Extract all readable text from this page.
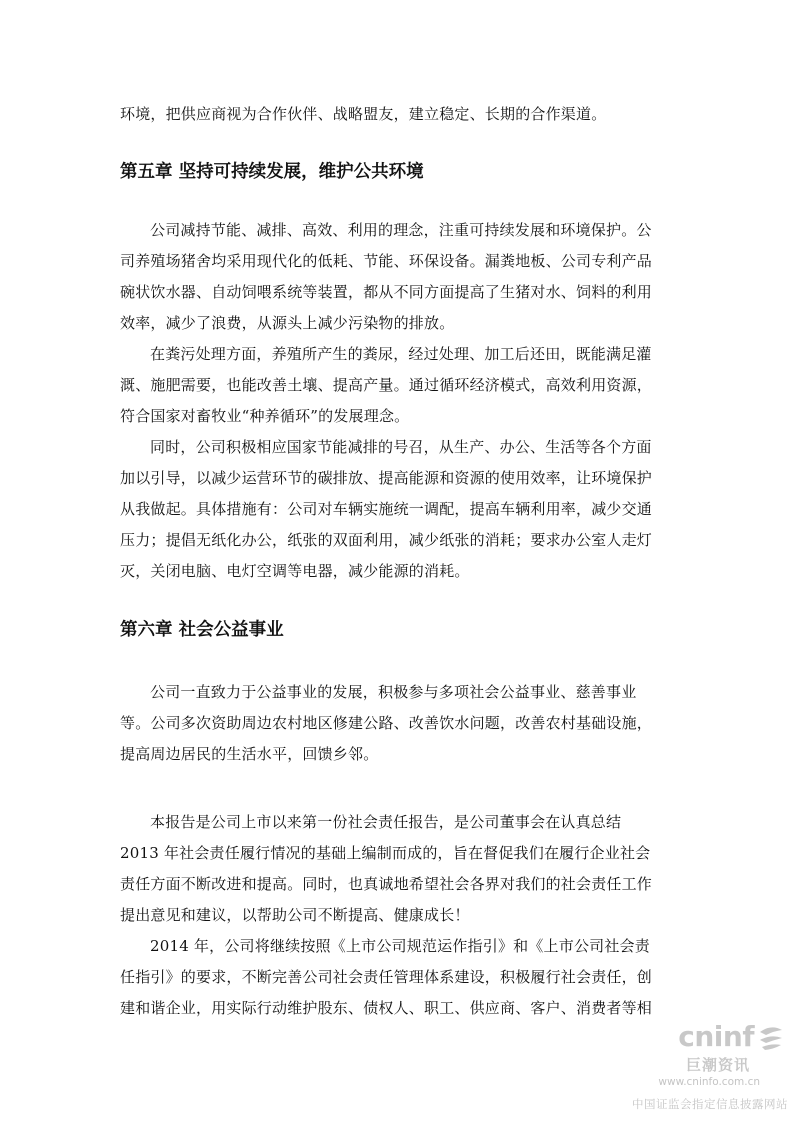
环境，把供应商视为合作伙伴、战略盟友，建立稳定、长期的合作渠道。
第五章 坚持可持续发展，维护公共环境
公司减持节能、减排、高效、利用的理念，注重可持续发展和环境保护。公
司养殖场猪舍均采用现代化的低耗、节能、环保设备。漏粪地板、公司专利产品
碗状饮水器、自动饲喂系统等装置，都从不同方面提高了生猪对水、饲料的利用
效率，减少了浪费，从源头上减少污染物的排放。
在粪污处理方面，养殖所产生的粪尿，经过处理、加工后还田，既能满足灌
溉、施肥需要，也能改善土壤、提高产量。通过循环经济模式，高效利用资源，
符合国家对畜牧业“种养循环”的发展理念。
同时，公司积极相应国家节能减排的号召，从生产、办公、生活等各个方面
加以引导，以减少运营环节的碳排放、提高能源和资源的使用效率，让环境保护
从我做起。具体措施有：公司对车辆实施统一调配，提高车辆利用率，减少交通
压力；提倡无纸化办公，纸张的双面利用，减少纸张的消耗；要求办公室人走灯
灭，关闭电脑、电灯空调等电器，减少能源的消耗。
第六章 社会公益事业
公司一直致力于公益事业的发展，积极参与多项社会公益事业、慈善事业
等。公司多次资助周边农村地区修建公路、改善饮水问题，改善农村基础设施，
提高周边居民的生活水平，回馈乡邻。
本报告是公司上市以来第一份社会责任报告，是公司董事会在认真总结
2013 年社会责任履行情况的基础上编制而成的，旨在督促我们在履行企业社会
责任方面不断改进和提高。同时，也真诚地希望社会各界对我们的社会责任工作
提出意见和建议，以帮助公司不断提高、健康成长！
2014 年，公司将继续按照《上市公司规范运作指引》和《上市公司社会责
任指引》的要求，不断完善公司社会责任管理体系建设，积极履行社会责任，创
建和谐企业，用实际行动维护股东、债权人、职工、供应商、客户、消费者等相
cninf
巨潮资讯
www.cninfo.com.cn
中国证监会指定信息披露网站
